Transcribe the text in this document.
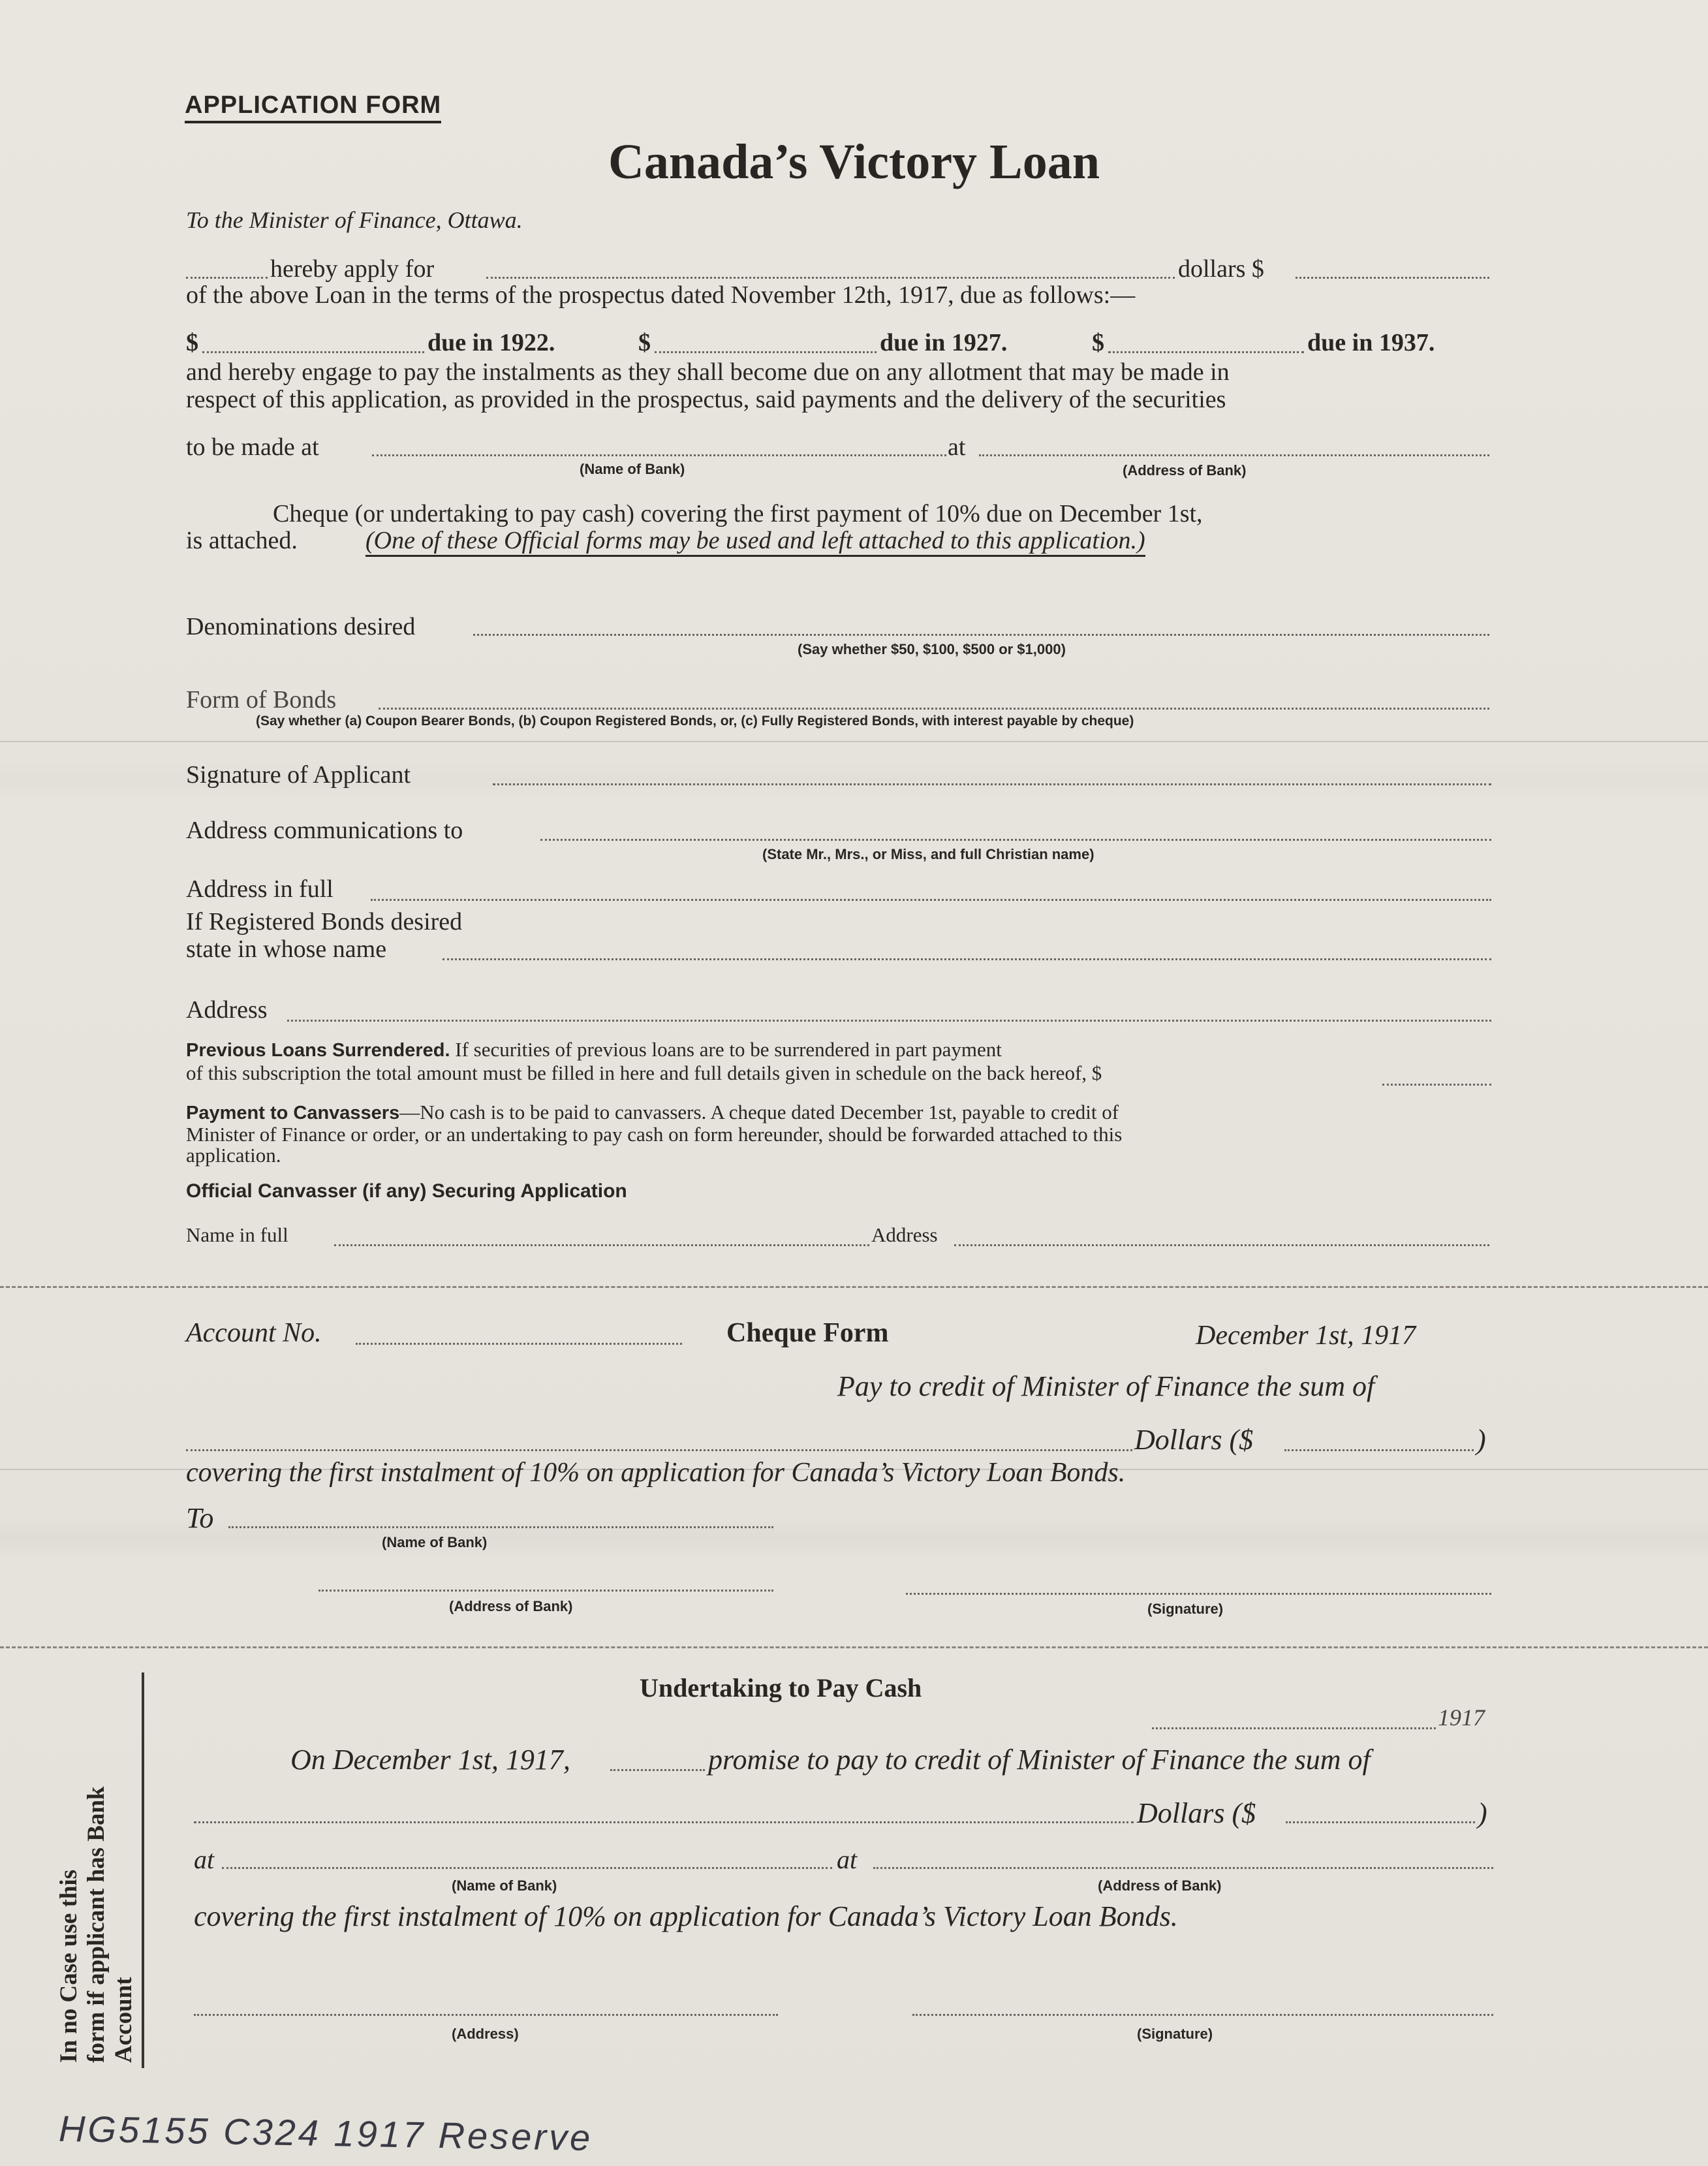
APPLICATION FORM
Canada’s Victory Loan
To the Minister of Finance, Ottawa.
hereby apply for	dollars $
of the above Loan in the terms of the prospectus dated November 12th, 1917, due as follows:—
$	due in 1922.	$	due in 1927.	$	due in 1937.
and hereby engage to pay the instalments as they shall become due on any allotment that may be made in
respect of this application, as provided in the prospectus, said payments and the delivery of the securities
to be made at	at
(Name of Bank)	(Address of Bank)
Cheque (or undertaking to pay cash) covering the first payment of 10% due on December 1st,
is attached.	(One of these Official forms may be used and left attached to this application.)
Denominations desired
(Say whether $50, $100, $500 or $1,000)
Form of Bonds
(Say whether (a) Coupon Bearer Bonds, (b) Coupon Registered Bonds, or, (c) Fully Registered Bonds, with interest payable by cheque)
Signature of Applicant
Address communications to
(State Mr., Mrs., or Miss, and full Christian name)
Address in full
If Registered Bonds desired
state in whose name
Address
Previous Loans Surrendered. If securities of previous loans are to be surrendered in part payment
of this subscription the total amount must be filled in here and full details given in schedule on the back hereof, $
Payment to Canvassers—No cash is to be paid to canvassers. A cheque dated December 1st, payable to credit of
Minister of Finance or order, or an undertaking to pay cash on form hereunder, should be forwarded attached to this
application.
Official Canvasser (if any) Securing Application
Name in full	Address
Account No.	Cheque Form	December 1st, 1917
Pay to credit of Minister of Finance the sum of
Dollars ($	)
covering the first instalment of 10% on application for Canada’s Victory Loan Bonds.
To
(Name of Bank)
(Address of Bank)	(Signature)
In no Case use this form if applicant has Bank Account
Undertaking to Pay Cash
1917
On December 1st, 1917,	promise to pay to credit of Minister of Finance the sum of
Dollars ($	)
at	at
(Name of Bank)	(Address of Bank)
covering the first instalment of 10% on application for Canada’s Victory Loan Bonds.
(Address)	(Signature)
HG5155 C324 1917 Reserve
